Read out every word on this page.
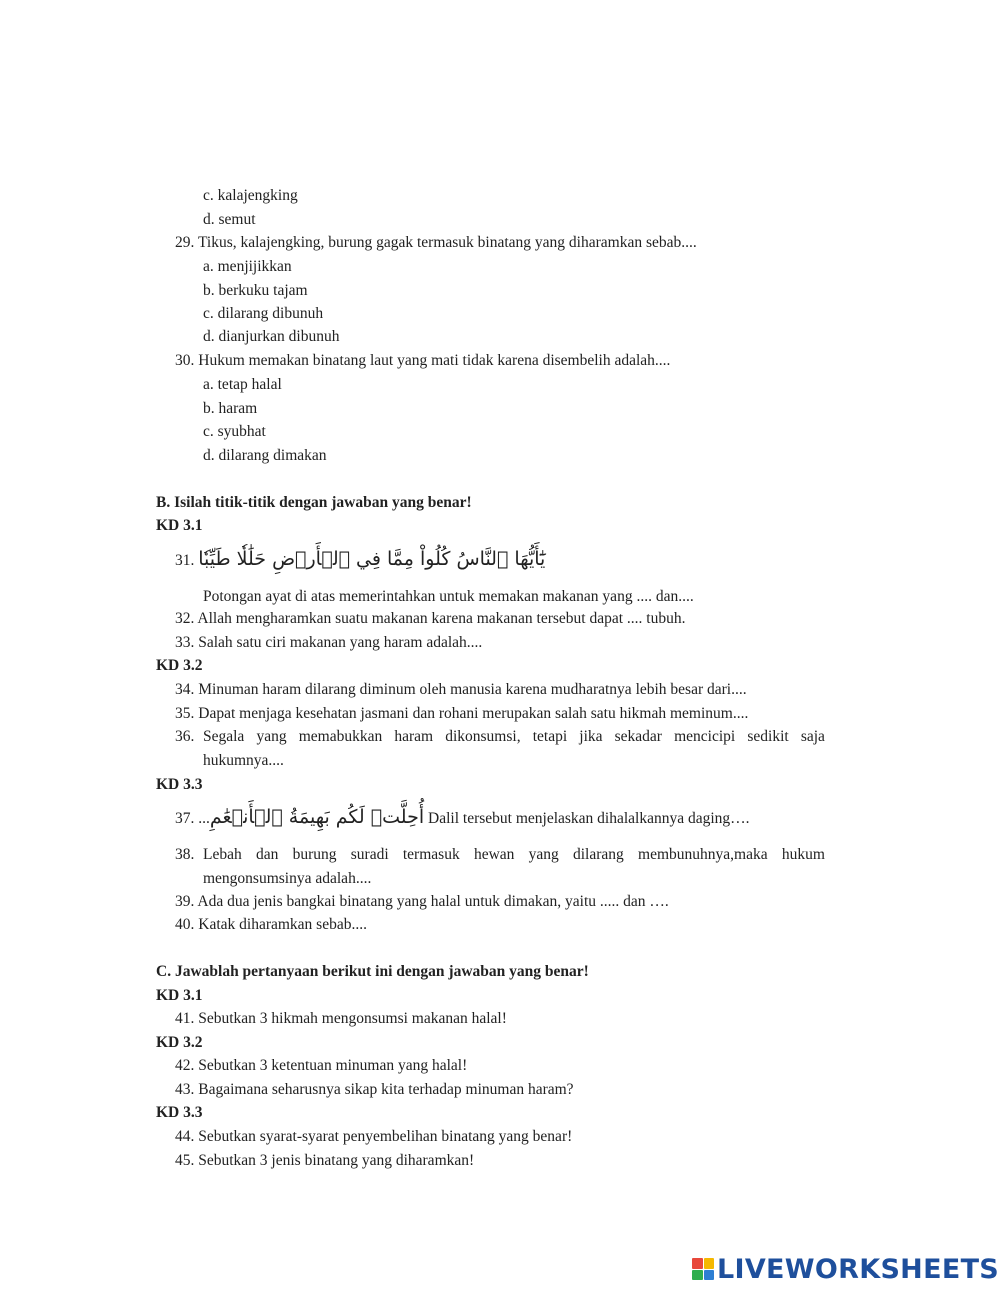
c. kalajengking
d. semut
29. Tikus, kalajengking, burung gagak termasuk binatang yang diharamkan sebab....
a. menjijikkan
b. berkuku tajam
c. dilarang dibunuh
d. dianjurkan dibunuh
30. Hukum memakan binatang laut yang mati tidak karena disembelih adalah....
a. tetap halal
b. haram
c. syubhat
d. dilarang dimakan
B. Isilah titik-titik dengan jawaban yang benar!
KD 3.1
31. يَٰٓأَيُّهَا ٱلنَّاسُ كُلُواْ مِمَّا فِي ٱلۡأَرۡضِ حَلَٰلٗا طَيِّبٗا
Potongan ayat di atas memerintahkan untuk memakan makanan yang .... dan....
32. Allah mengharamkan suatu makanan karena makanan tersebut dapat .... tubuh.
33. Salah satu ciri makanan yang haram adalah....
KD 3.2
34. Minuman haram dilarang diminum oleh manusia karena mudharatnya lebih besar dari....
35. Dapat menjaga kesehatan jasmani dan rohani merupakan salah satu hikmah meminum....
36. Segala yang memabukkan haram dikonsumsi, tetapi jika sekadar mencicipi sedikit saja
hukumnya....
KD 3.3
37. ...أُحِلَّتۡ لَكُم بَهِيمَةُ ٱلۡأَنۡعَٰمِ Dalil tersebut menjelaskan dihalalkannya daging….
38. Lebah dan burung suradi termasuk hewan yang dilarang membunuhnya,maka hukum
mengonsumsinya adalah....
39. Ada dua jenis bangkai binatang yang halal untuk dimakan, yaitu ..... dan ….
40. Katak diharamkan sebab....
C. Jawablah pertanyaan berikut ini dengan jawaban yang benar!
KD 3.1
41. Sebutkan 3 hikmah mengonsumsi makanan halal!
KD 3.2
42. Sebutkan 3 ketentuan minuman yang halal!
43. Bagaimana seharusnya sikap kita terhadap minuman haram?
KD 3.3
44. Sebutkan syarat-syarat penyembelihan binatang yang benar!
45. Sebutkan 3 jenis binatang yang diharamkan!
LIVEWORKSHEETS
